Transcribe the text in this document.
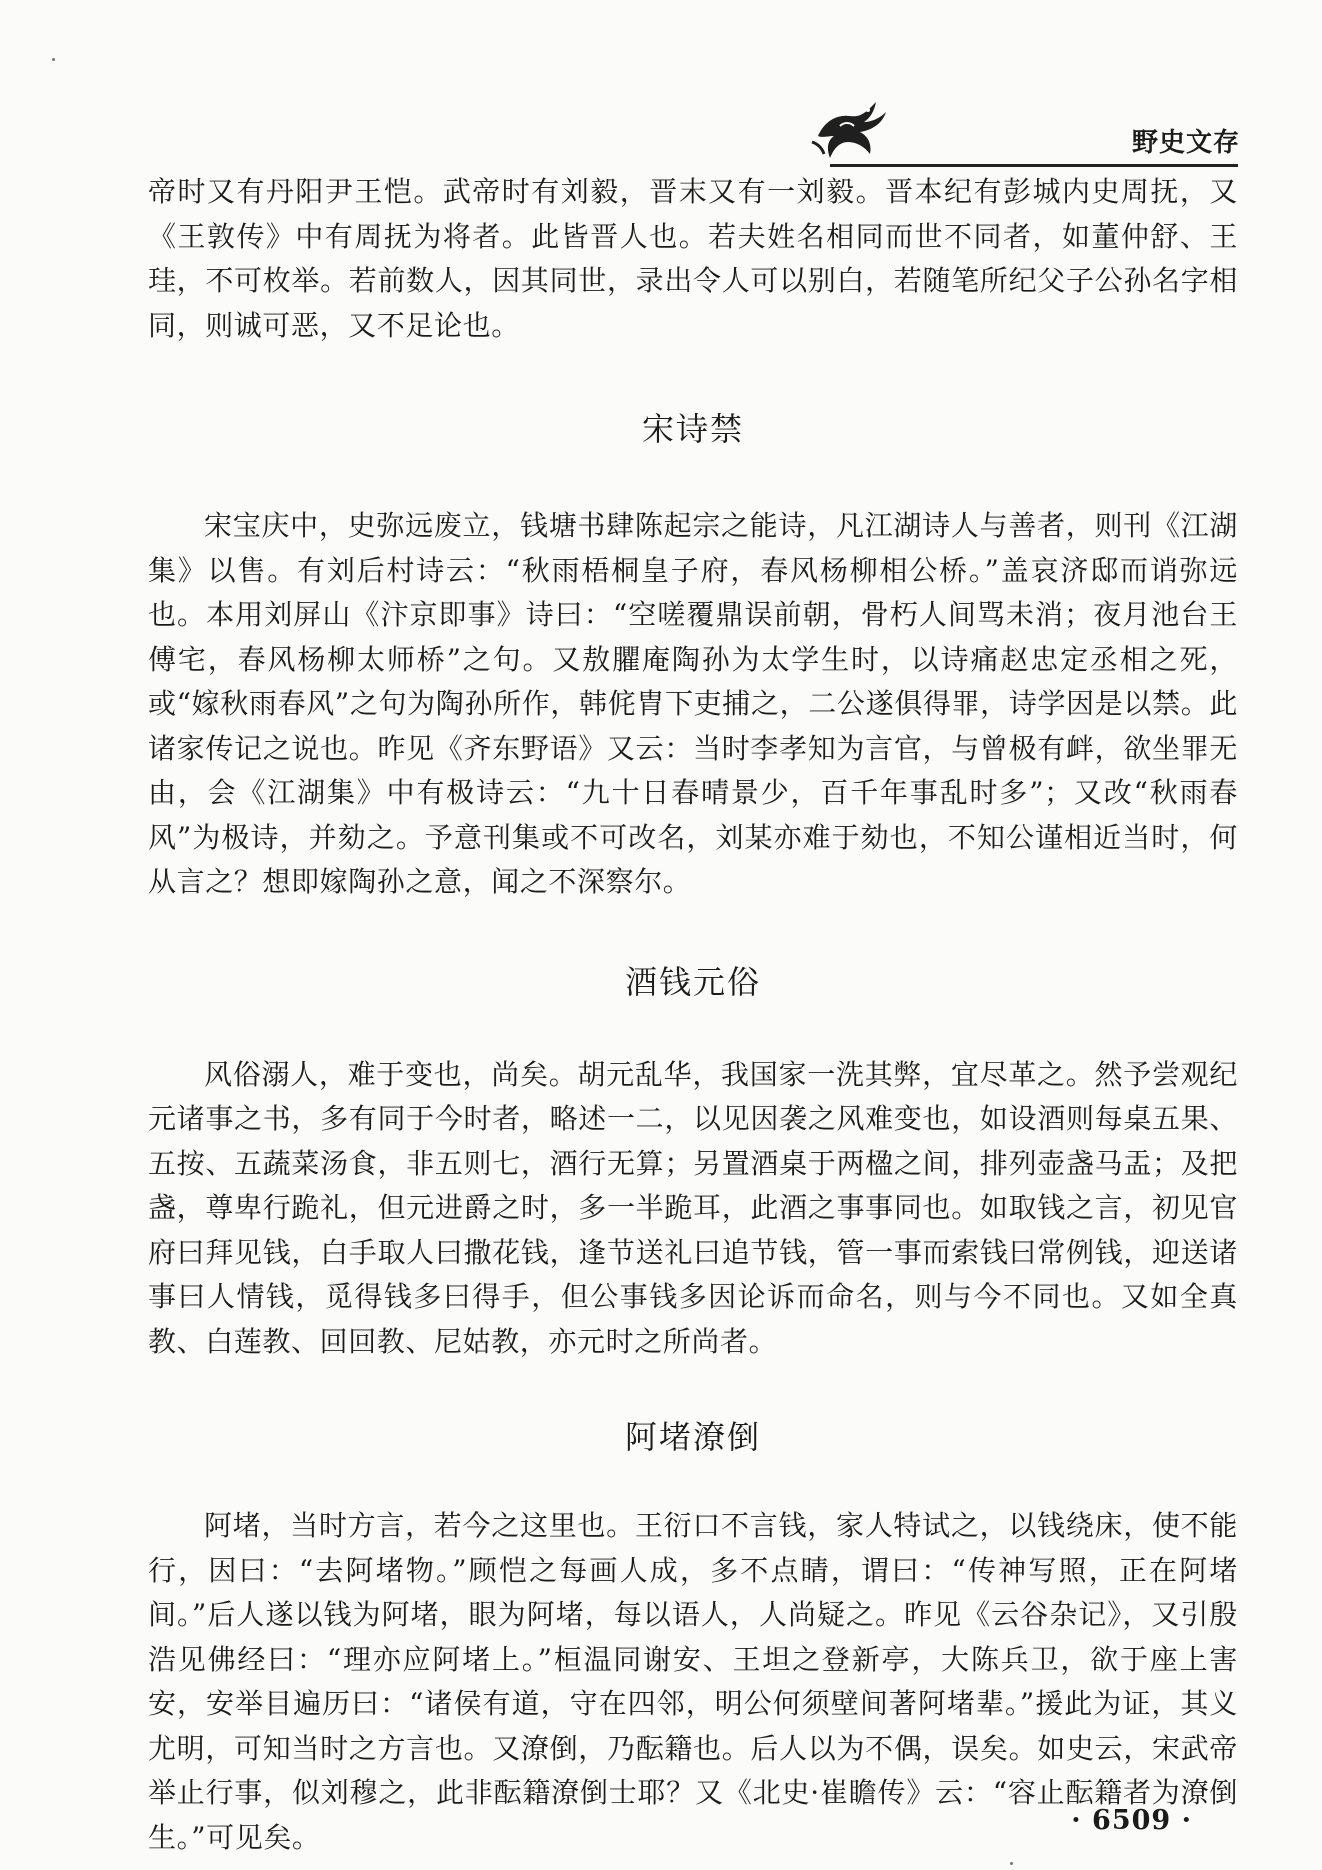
野史文存

帝时又有丹阳尹王恺。武帝时有刘毅，晋末又有一刘毅。晋本纪有彭城内史周抚，又《王敦传》中有周抚为将者。此皆晋人也。若夫姓名相同而世不同者，如董仲舒、王珪，不可枚举。若前数人，因其同世，录出令人可以别白，若随笔所纪父子公孙名字相同，则诚可恶，又不足论也。

宋诗禁

宋宝庆中，史弥远废立，钱塘书肆陈起宗之能诗，凡江湖诗人与善者，则刊《江湖集》以售。有刘后村诗云：“秋雨梧桐皇子府，春风杨柳相公桥。”盖哀济邸而诮弥远也。本用刘屏山《汴京即事》诗曰：“空嗟覆鼎误前朝，骨朽人间骂未消；夜月池台王傅宅，春风杨柳太师桥”之句。又敖臞庵陶孙为太学生时，以诗痛赵忠定丞相之死，或“嫁秋雨春风”之句为陶孙所作，韩侂胄下吏捕之，二公遂俱得罪，诗学因是以禁。此诸家传记之说也。昨见《齐东野语》又云：当时李孝知为言官，与曾极有衅，欲坐罪无由，会《江湖集》中有极诗云：“九十日春晴景少，百千年事乱时多”；又改“秋雨春风”为极诗，并劾之。予意刊集或不可改名，刘某亦难于劾也，不知公谨相近当时，何从言之？想即嫁陶孙之意，闻之不深察尔。

酒钱元俗

风俗溺人，难于变也，尚矣。胡元乱华，我国家一洗其弊，宜尽革之。然予尝观纪元诸事之书，多有同于今时者，略述一二，以见因袭之风难变也，如设酒则每桌五果、五按、五蔬菜汤食，非五则七，酒行无算；另置酒桌于两楹之间，排列壶盏马盂；及把盏，尊卑行跪礼，但元进爵之时，多一半跪耳，此酒之事事同也。如取钱之言，初见官府曰拜见钱，白手取人曰撒花钱，逢节送礼曰追节钱，管一事而索钱曰常例钱，迎送诸事曰人情钱，觅得钱多曰得手，但公事钱多因论诉而命名，则与今不同也。又如全真教、白莲教、回回教、尼姑教，亦元时之所尚者。

阿堵潦倒

阿堵，当时方言，若今之这里也。王衍口不言钱，家人特试之，以钱绕床，使不能行，因曰：“去阿堵物。”顾恺之每画人成，多不点睛，谓曰：“传神写照，正在阿堵间。”后人遂以钱为阿堵，眼为阿堵，每以语人，人尚疑之。昨见《云谷杂记》，又引殷浩见佛经曰：“理亦应阿堵上。”桓温同谢安、王坦之登新亭，大陈兵卫，欲于座上害安，安举目遍历曰：“诸侯有道，守在四邻，明公何须壁间著阿堵辈。”援此为证，其义尤明，可知当时之方言也。又潦倒，乃酝籍也。后人以为不偶，误矣。如史云，宋武帝举止行事，似刘穆之，此非酝籍潦倒士耶？又《北史·崔瞻传》云：“容止酝籍者为潦倒生。”可见矣。	· 6509 ·
